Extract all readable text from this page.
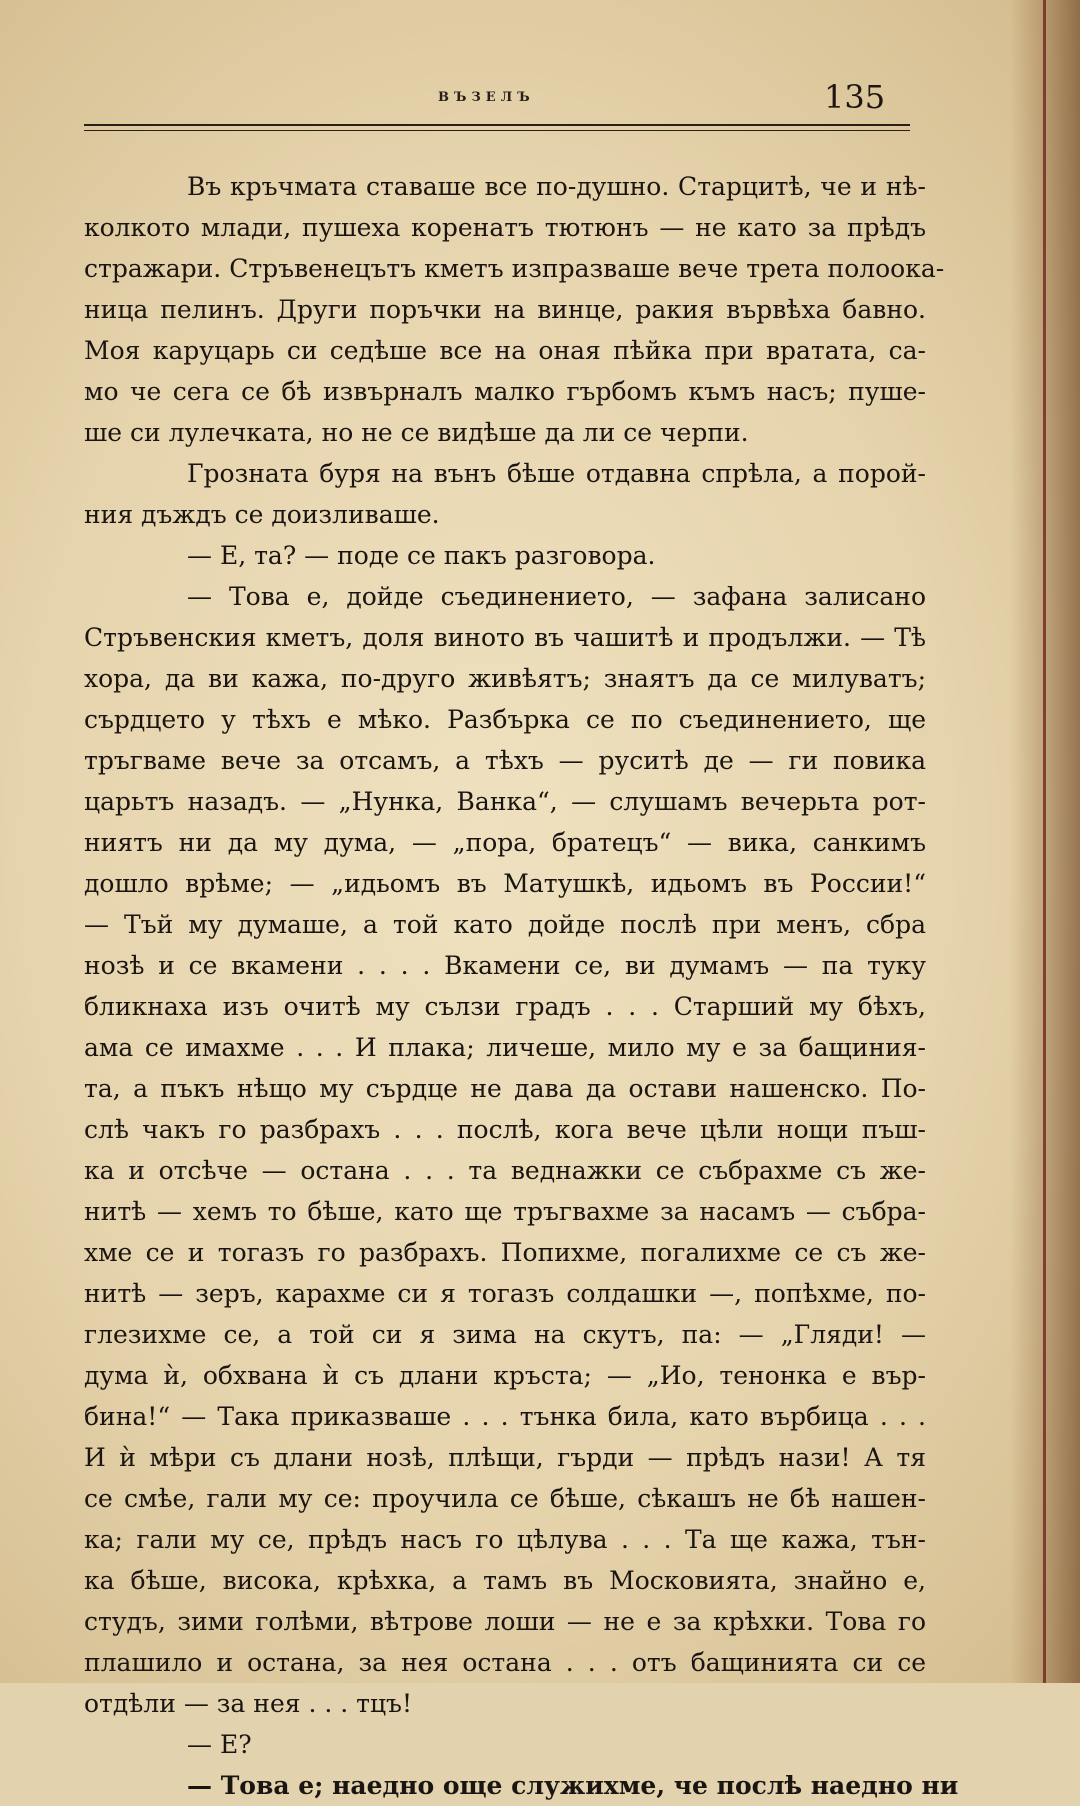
ВЪЗЕЛЪ	135
Въ кръчмата ставаше все по-душно. Старцитѣ, че и нѣ-
колкото млади, пушеха коренатъ тютюнъ — не като за прѣдъ
стражари. Стръвенецътъ кметъ изпразваше вече трета полоока-
ница пелинъ. Други поръчки на винце, ракия вървѣха бавно.
Моя каруцарь си седѣше все на оная пѣйка при вратата, са-
мо че сега се бѣ извърналъ малко гърбомъ къмъ насъ; пуше-
ше си лулечката, но не се видѣше да ли се черпи.
Грозната буря на вънъ бѣше отдавна спрѣла, а порой-
ния дъждъ се доизливаше.
— Е, та? — поде се пакъ разговора.
— Това е, дойде съединението, — зафана залисано
Стръвенския кметъ, доля виното въ чашитѣ и продължи. — Тѣ
хора, да ви кажа, по-друго живѣятъ; знаятъ да се милуватъ;
сърдцето у тѣхъ е мѣко. Разбърка се по съединението, ще
тръгваме вече за отсамъ, а тѣхъ — руситѣ де — ги повика
царьтъ назадъ. — „Нунка, Ванка“, — слушамъ вечерьта рот-
ниятъ ни да му дума, — „пора, братецъ“ — вика, санкимъ
дошло врѣме; — „идьомъ въ Матушкѣ, идьомъ въ России!“
— Тъй му думаше, а той като дойде послѣ при менъ, сбра
нозѣ и се вкамени . . . . Вкамени се, ви думамъ — па туку
бликнаха изъ очитѣ му сълзи градъ . . . Старший му бѣхъ,
ама се имахме . . . И плака; личеше, мило му е за бащиния-
та, а пъкъ нѣщо му сърдце не дава да остави нашенско. По-
слѣ чакъ го разбрахъ . . . послѣ, кога вече цѣли нощи пъш-
ка и отсѣче — остана . . . та веднажки се събрахме съ же-
нитѣ — хемъ то бѣше, като ще тръгвахме за насамъ — събра-
хме се и тогазъ го разбрахъ. Попихме, погалихме се съ же-
нитѣ — зеръ, карахме си я тогазъ солдашки —, попѣхме, по-
глезихме се, а той си я зима на скутъ, па: — „Гляди! —
дума ѝ, обхвана ѝ съ длани кръста; — „Ио, тенонка е вър-
бина!“ — Така приказваше . . . тънка била, като върбица . . .
И ѝ мѣри съ длани нозѣ, плѣщи, гърди — прѣдъ нази! А тя
се смѣе, гали му се: проучила се бѣше, сѣкашъ не бѣ нашен-
ка; гали му се, прѣдъ насъ го цѣлува . . . Та ще кажа, тън-
ка бѣше, висока, крѣхка, а тамъ въ Московията, знайно е,
студъ, зими голѣми, вѣтрове лоши — не е за крѣхки. Това го
плашило и остана, за нея остана . . . отъ бащинията си се
отдѣли — за нея . . . тцъ!
— Е?
— Това е; наедно още служихме, че послѣ наедно ни
